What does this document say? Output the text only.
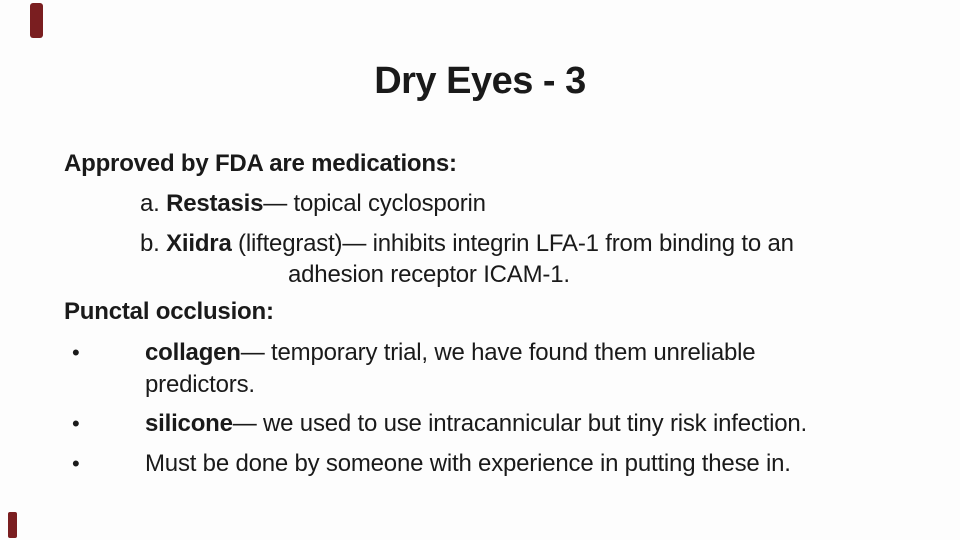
Dry Eyes - 3
Approved by FDA are medications:
a. Restasis— topical cyclosporin
b. Xiidra (liftegrast)— inhibits integrin LFA-1 from binding to an
adhesion receptor ICAM-1.
Punctal occlusion:
•	collagen— temporary trial, we have found them unreliable
predictors.
•	silicone— we used to use intracannicular but tiny risk infection.
•	Must be done by someone with experience in putting these in.
